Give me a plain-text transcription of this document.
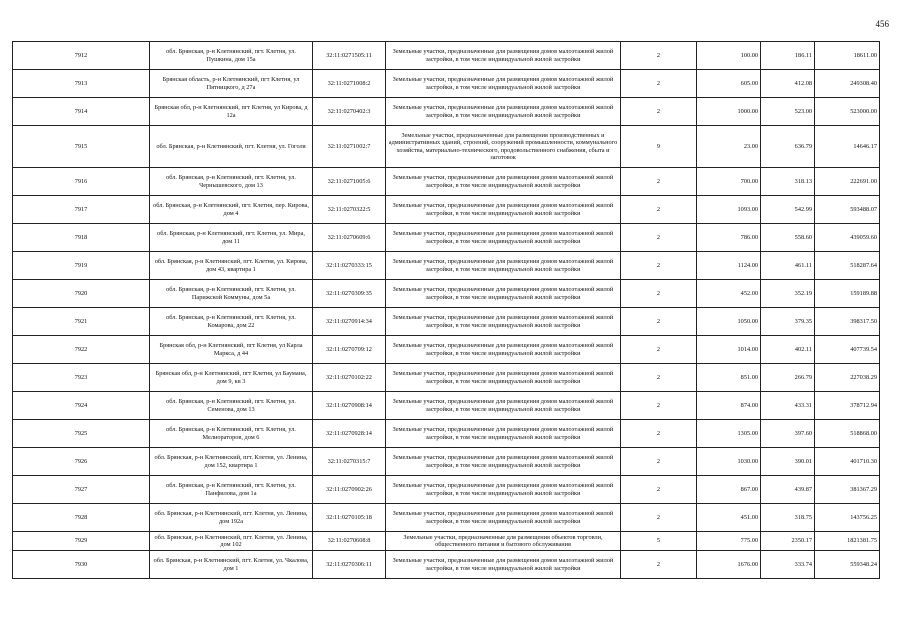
456
7912	обл. Брянская, р-н Клетнянский, пгт. Клетня, ул. Пушкина, дом 15а	32:11:0271505:11	Земельные участки, предназначенные для размещения домов малоэтажной жилой застройки, в том числе индивидуальной жилой застройки	2	100.00	186.11	18611.00
7913	Брянская область, р-н Клетнянский, пгт Клетня, ул Пятницкого, д 27а	32:11:0271008:2	Земельные участки, предназначенные для размещения домов малоэтажной жилой застройки, в том числе индивидуальной жилой застройки	2	605.00	412.08	249308.40
7914	Брянская обл, р-н Клетнянский, пгт Клетня, ул Кирова, д 12а	32:11:0270402:3	Земельные участки, предназначенные для размещения домов малоэтажной жилой застройки, в том числе индивидуальной жилой застройки	2	1000.00	523.00	523000.00
7915	обл. Брянская, р-н Клетнянский, пгт. Клетня, ул. Гоголя	32:11:0271002:7	Земельные участки, предназначенные для размещения производственных и административных зданий, строений, сооружений промышленности, коммунального хозяйства, материально-технического, продовольственного снабжения, сбыта и заготовок	9	23.00	636.79	14646.17
7916	обл. Брянская, р-н Клетнянский, пгт. Клетня, ул. Чернышевского, дом 13	32:11:0271005:6	Земельные участки, предназначенные для размещения домов малоэтажной жилой застройки, в том числе индивидуальной жилой застройки	2	700.00	318.13	222691.00
7917	обл. Брянская, р-н Клетнянский, пгт. Клетня, пер. Кирова, дом 4	32:11:0270322:5	Земельные участки, предназначенные для размещения домов малоэтажной жилой застройки, в том числе индивидуальной жилой застройки	2	1093.00	542.99	593488.07
7918	обл. Брянская, р-н Клетнянский, пгт. Клетня, ул. Мира, дом 11	32:11:0270609:6	Земельные участки, предназначенные для размещения домов малоэтажной жилой застройки, в том числе индивидуальной жилой застройки	2	786.00	558.60	439059.60
7919	обл. Брянская, р-н Клетнянский, пгт. Клетня, ул. Кирова, дом 43, квартира 1	32:11:0270333:15	Земельные участки, предназначенные для размещения домов малоэтажной жилой застройки, в том числе индивидуальной жилой застройки	2	1124.00	461.11	518287.64
7920	обл. Брянская, р-н Клетнянский, пгт. Клетня, ул. Парижской Коммуны, дом 5а	32:11:0270309:35	Земельные участки, предназначенные для размещения домов малоэтажной жилой застройки, в том числе индивидуальной жилой застройки	2	452.00	352.19	159189.88
7921	обл. Брянская, р-н Клетнянский, пгт. Клетня, ул. Комарова, дом 22	32:11:0270914:34	Земельные участки, предназначенные для размещения домов малоэтажной жилой застройки, в том числе индивидуальной жилой застройки	2	1050.00	379.35	398317.50
7922	Брянская обл, р-н Клетнянский, пгт Клетня, ул Карла Маркса, д 44	32:11:0270709:12	Земельные участки, предназначенные для размещения домов малоэтажной жилой застройки, в том числе индивидуальной жилой застройки	2	1014.00	402.11	407739.54
7923	Брянская обл, р-н Клетнянский, пгт Клетня, ул Баумана, дом 9, кв 3	32:11:0270102:22	Земельные участки, предназначенные для размещения домов малоэтажной жилой застройки, в том числе индивидуальной жилой застройки	2	851.00	266.79	227038.29
7924	обл. Брянская, р-н Клетнянский, пгт. Клетня, ул. Семенова, дом 13	32:11:0270908:14	Земельные участки, предназначенные для размещения домов малоэтажной жилой застройки, в том числе индивидуальной жилой застройки	2	874.00	433.31	378712.94
7925	обл. Брянская, р-н Клетнянский, пгт. Клетня, ул. Мелиораторов, дом 6	32:11:0270928:14	Земельные участки, предназначенные для размещения домов малоэтажной жилой застройки, в том числе индивидуальной жилой застройки	2	1305.00	397.60	518868.00
7926	обл. Брянская, р-н Клетнянский, пгт. Клетня, ул. Ленина, дом 152, квартира 1	32:11:0270315:7	Земельные участки, предназначенные для размещения домов малоэтажной жилой застройки, в том числе индивидуальной жилой застройки	2	1030.00	390.01	401710.30
7927	обл. Брянская, р-н Клетнянский, пгт. Клетня, ул. Панфилова, дом 1а	32:11:0270902:26	Земельные участки, предназначенные для размещения домов малоэтажной жилой застройки, в том числе индивидуальной жилой застройки	2	867.00	439.87	381367.29
7928	обл. Брянская, р-н Клетнянский, пгт. Клетня, ул. Ленина, дом 192а	32:11:0270105:18	Земельные участки, предназначенные для размещения домов малоэтажной жилой застройки, в том числе индивидуальной жилой застройки	2	451.00	318.75	143756.25
7929	обл. Брянская, р-н Клетнянский, пгт. Клетня, ул. Ленина, дом 102	32:11:0270608:8	Земельные участки, предназначенные для размещения объектов торговли, общественного питания и бытового обслуживания	5	775.00	2350.17	1821381.75
7930	обл. Брянская, р-н Клетнянский, пгт. Клетня, ул. Чкалова, дом 1	32:11:0270306:11	Земельные участки, предназначенные для размещения домов малоэтажной жилой застройки, в том числе индивидуальной жилой застройки	2	1676.00	333.74	559348.24
